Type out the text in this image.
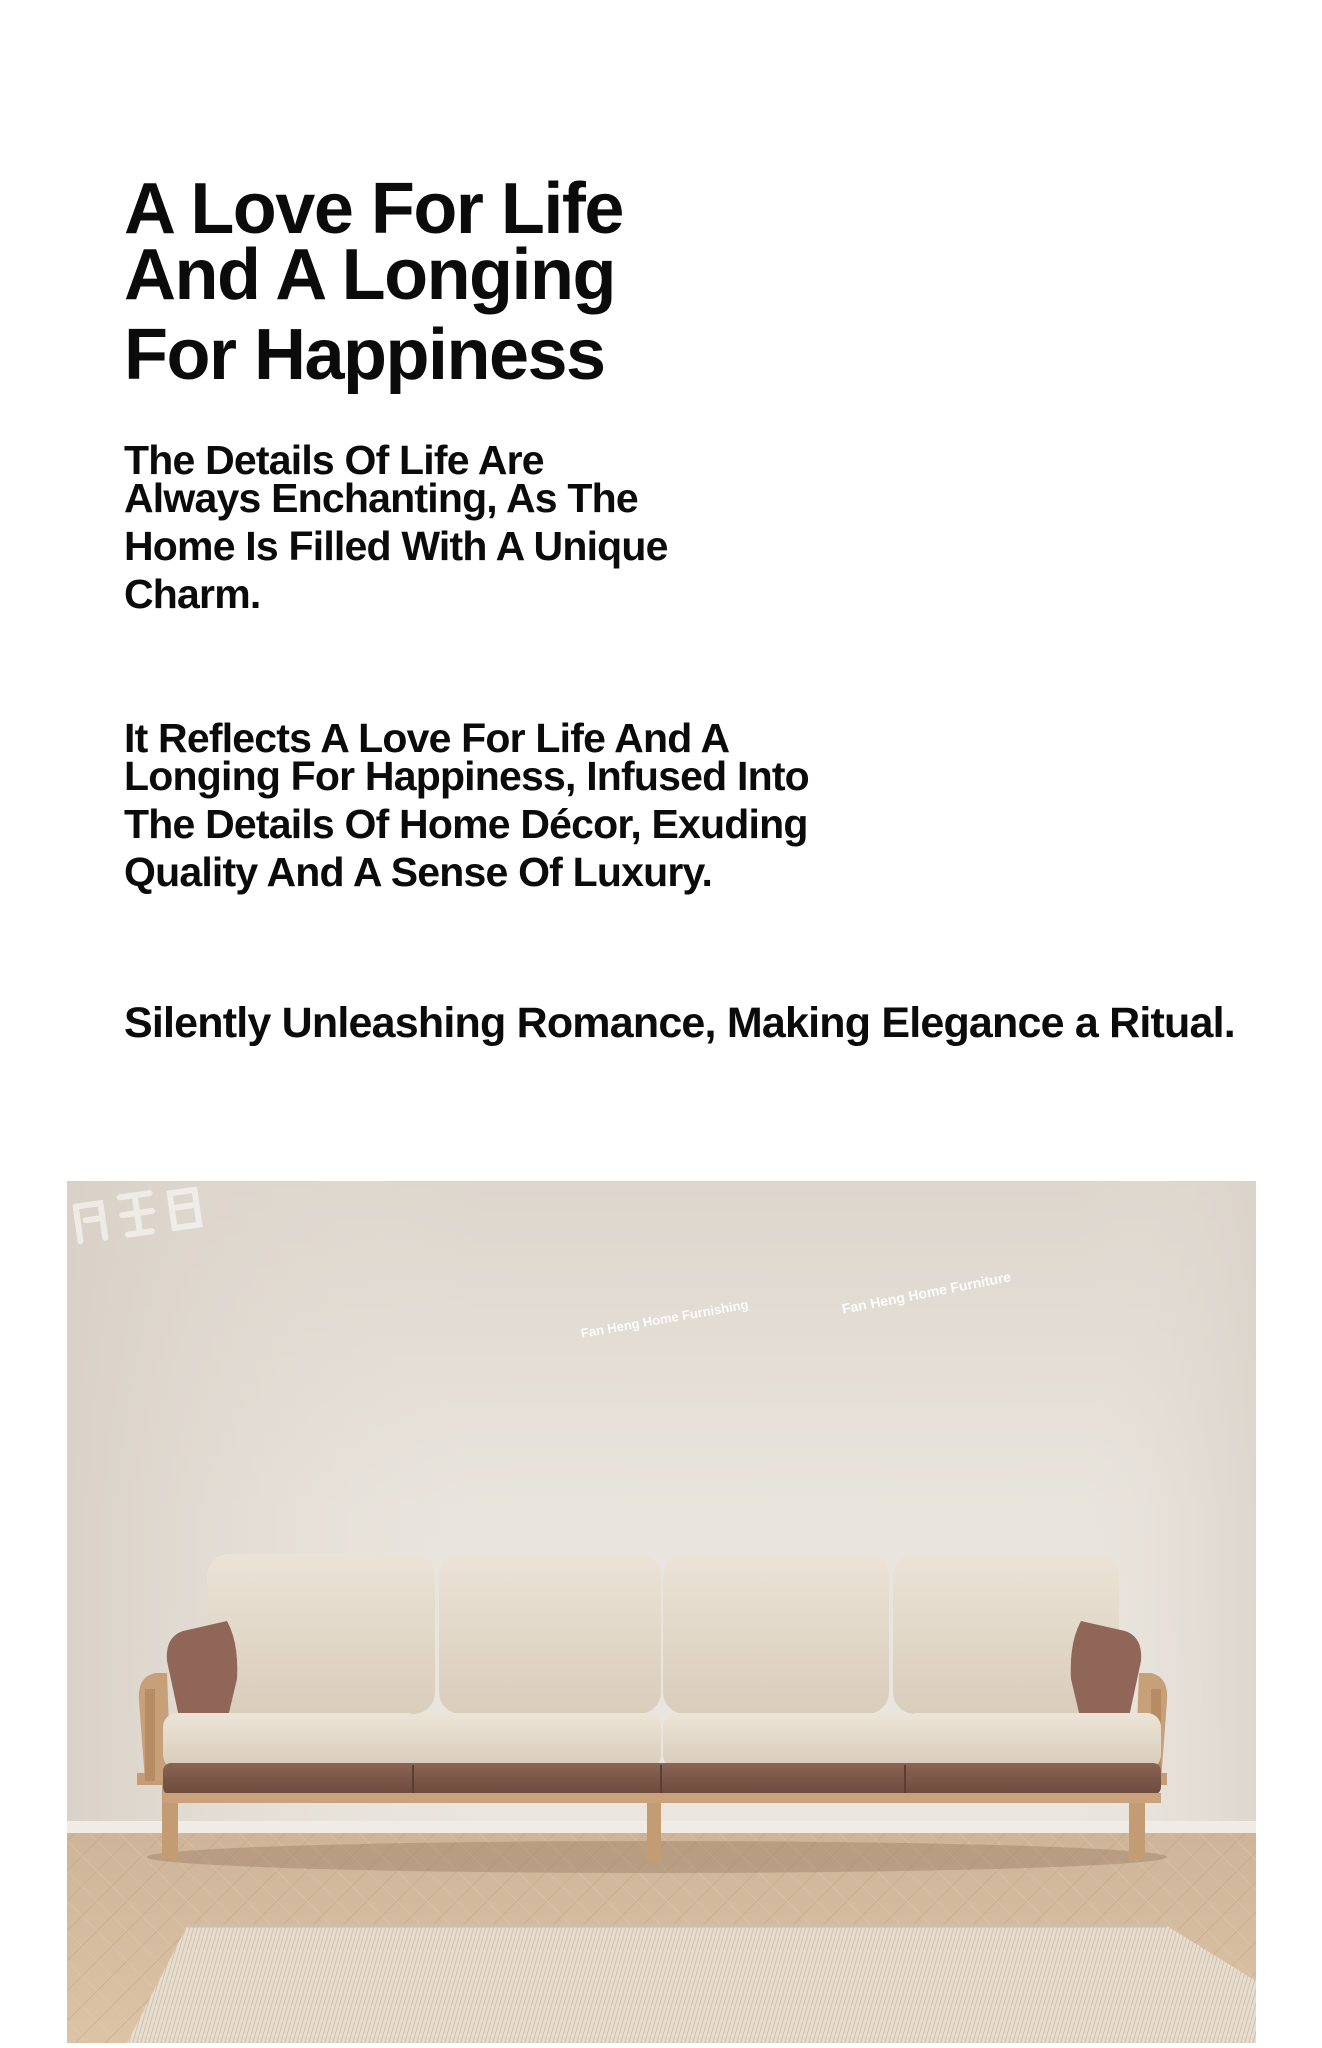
A Love For Life
And A Longing
For Happiness
The Details Of Life Are
Always Enchanting, As The
Home Is Filled With A Unique
Charm.
It Reflects A Love For Life And A
Longing For Happiness, Infused Into
The Details Of Home Décor, Exuding
Quality And A Sense Of Luxury.
Silently Unleashing Romance, Making Elegance a Ritual.
Fan Heng Home Furnishing
Fan Heng Home Furniture
